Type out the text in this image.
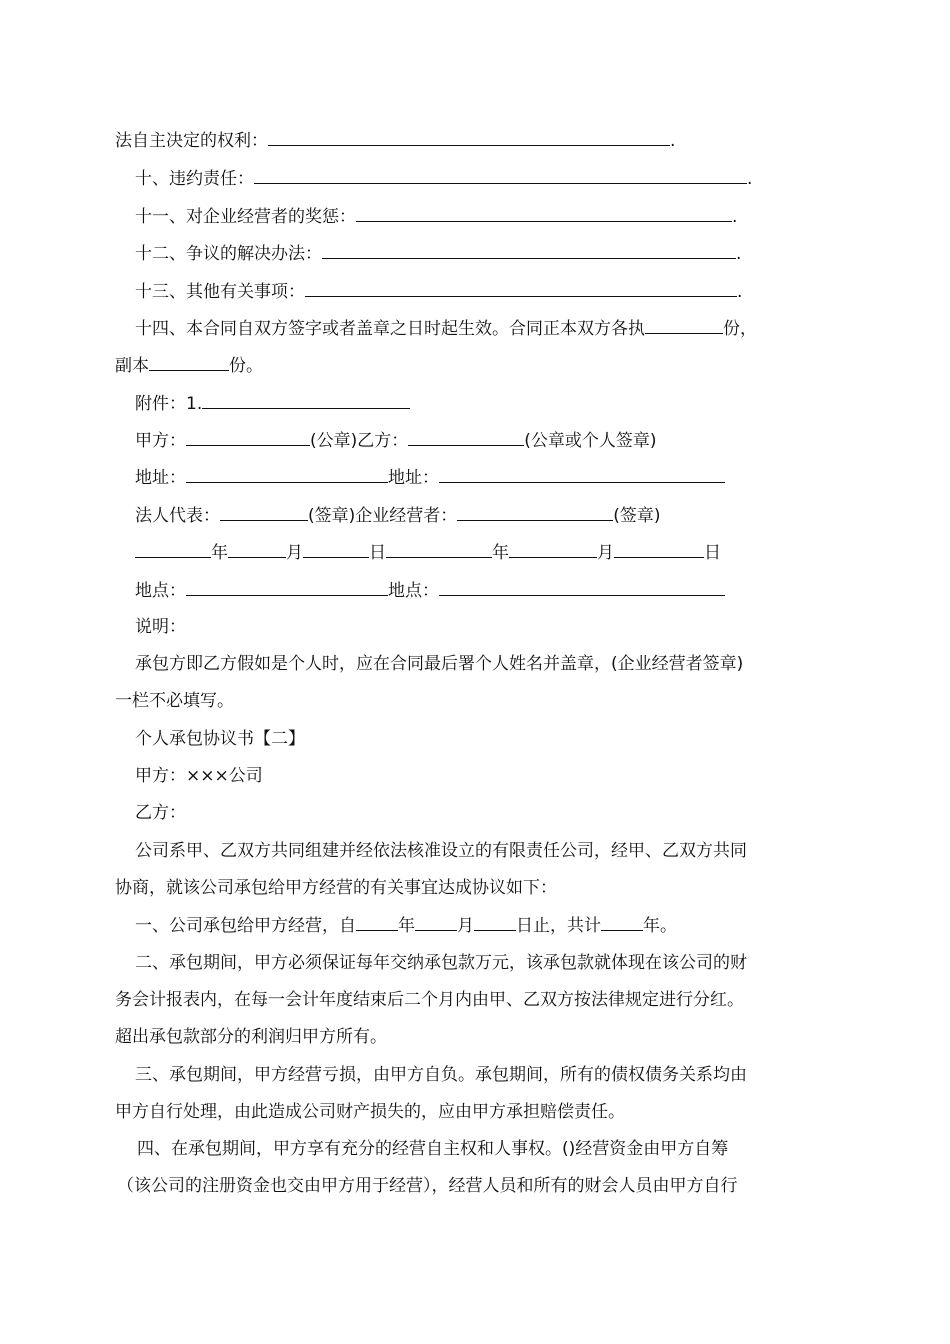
法自主决定的权利：	.
十、违约责任：	.
十一、对企业经营者的奖惩：	.
十二、争议的解决办法：	.
十三、其他有关事项：	.
十四、本合同自双方签字或者盖章之日时起生效。合同正本双方各执	份，
副本	份。
附件：1.
甲方：	(公章)乙方：	(公章或个人签章)
地址：	地址：
法人代表：	(签章)企业经营者：	(签章)
年	月	日	年	月	日
地点：	地点：
说明：
承包方即乙方假如是个人时，应在合同最后署个人姓名并盖章，(企业经营者签章)
一栏不必填写。
个人承包协议书【二】
甲方：×××公司
乙方：
公司系甲、乙双方共同组建并经依法核准设立的有限责任公司，经甲、乙双方共同
协商，就该公司承包给甲方经营的有关事宜达成协议如下：
一、公司承包给甲方经营，自 年 月 日止，共计 年。
二、承包期间，甲方必须保证每年交纳承包款万元，该承包款就体现在该公司的财
务会计报表内，在每一会计年度结束后二个月内由甲、乙双方按法律规定进行分红。
超出承包款部分的利润归甲方所有。
三、承包期间，甲方经营亏损，由甲方自负。承包期间，所有的债权债务关系均由
甲方自行处理，由此造成公司财产损失的，应由甲方承担赔偿责任。
四、在承包期间，甲方享有充分的经营自主权和人事权。()经营资金由甲方自筹
（该公司的注册资金也交由甲方用于经营），经营人员和所有的财会人员由甲方自行
